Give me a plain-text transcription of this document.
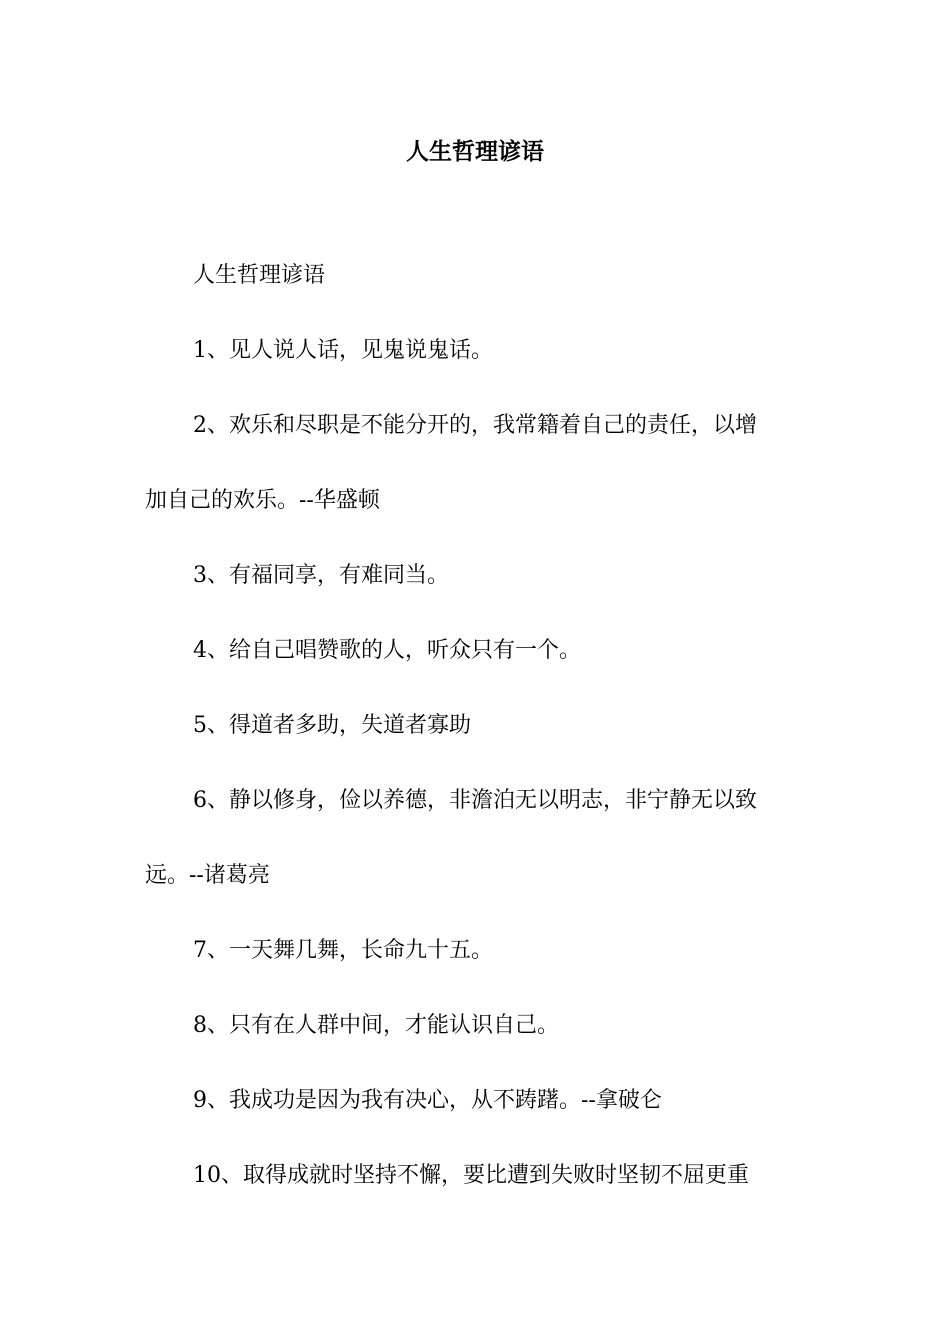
人生哲理谚语

人生哲理谚语

1、见人说人话，见鬼说鬼话。

2、欢乐和尽职是不能分开的，我常籍着自己的责任，以增
加自己的欢乐。--华盛顿

3、有福同享，有难同当。

4、给自己唱赞歌的人，听众只有一个。

5、得道者多助，失道者寡助

6、静以修身，俭以养德，非澹泊无以明志，非宁静无以致
远。--诸葛亮

7、一天舞几舞，长命九十五。

8、只有在人群中间，才能认识自己。

9、我成功是因为我有决心，从不踌躇。--拿破仑

10、取得成就时坚持不懈，要比遭到失败时坚韧不屈更重
